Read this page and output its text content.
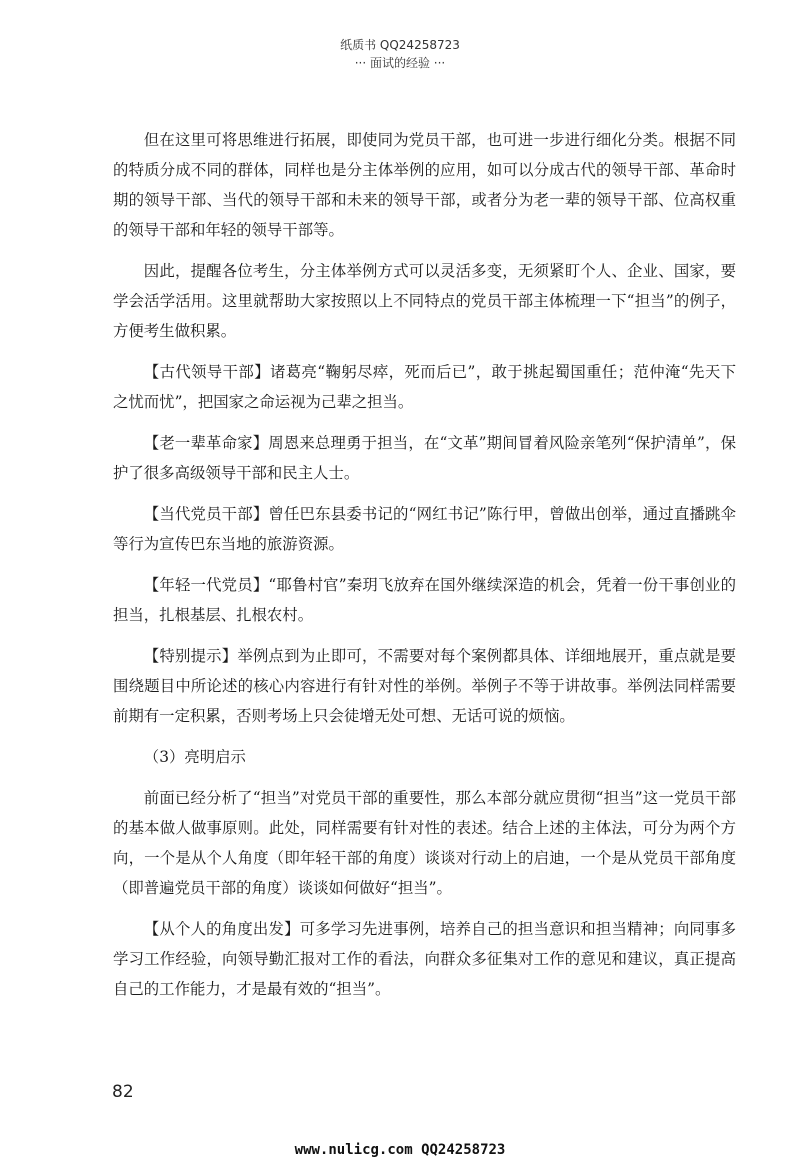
纸质书 QQ24258723
··· 面试的经验 ···

但在这里可将思维进行拓展，即使同为党员干部，也可进一步进行细化分类。根据不同的特质分成不同的群体，同样也是分主体举例的应用，如可以分成古代的领导干部、革命时期的领导干部、当代的领导干部和未来的领导干部，或者分为老一辈的领导干部、位高权重的领导干部和年轻的领导干部等。

因此，提醒各位考生，分主体举例方式可以灵活多变，无须紧盯个人、企业、国家，要学会活学活用。这里就帮助大家按照以上不同特点的党员干部主体梳理一下“担当”的例子，方便考生做积累。

【古代领导干部】诸葛亮“鞠躬尽瘁，死而后已”，敢于挑起蜀国重任；范仲淹“先天下之忧而忧”，把国家之命运视为己辈之担当。

【老一辈革命家】周恩来总理勇于担当，在“文革”期间冒着风险亲笔列“保护清单”，保护了很多高级领导干部和民主人士。

【当代党员干部】曾任巴东县委书记的“网红书记”陈行甲，曾做出创举，通过直播跳伞等行为宣传巴东当地的旅游资源。

【年轻一代党员】“耶鲁村官”秦玥飞放弃在国外继续深造的机会，凭着一份干事创业的担当，扎根基层、扎根农村。

【特别提示】举例点到为止即可，不需要对每个案例都具体、详细地展开，重点就是要围绕题目中所论述的核心内容进行有针对性的举例。举例子不等于讲故事。举例法同样需要前期有一定积累，否则考场上只会徒增无处可想、无话可说的烦恼。

（3）亮明启示

前面已经分析了“担当”对党员干部的重要性，那么本部分就应贯彻“担当”这一党员干部的基本做人做事原则。此处，同样需要有针对性的表述。结合上述的主体法，可分为两个方向，一个是从个人角度（即年轻干部的角度）谈谈对行动上的启迪，一个是从党员干部角度（即普遍党员干部的角度）谈谈如何做好“担当”。

【从个人的角度出发】可多学习先进事例，培养自己的担当意识和担当精神；向同事多学习工作经验，向领导勤汇报对工作的看法，向群众多征集对工作的意见和建议，真正提高自己的工作能力，才是最有效的“担当”。

82
www.nulicg.com QQ24258723
